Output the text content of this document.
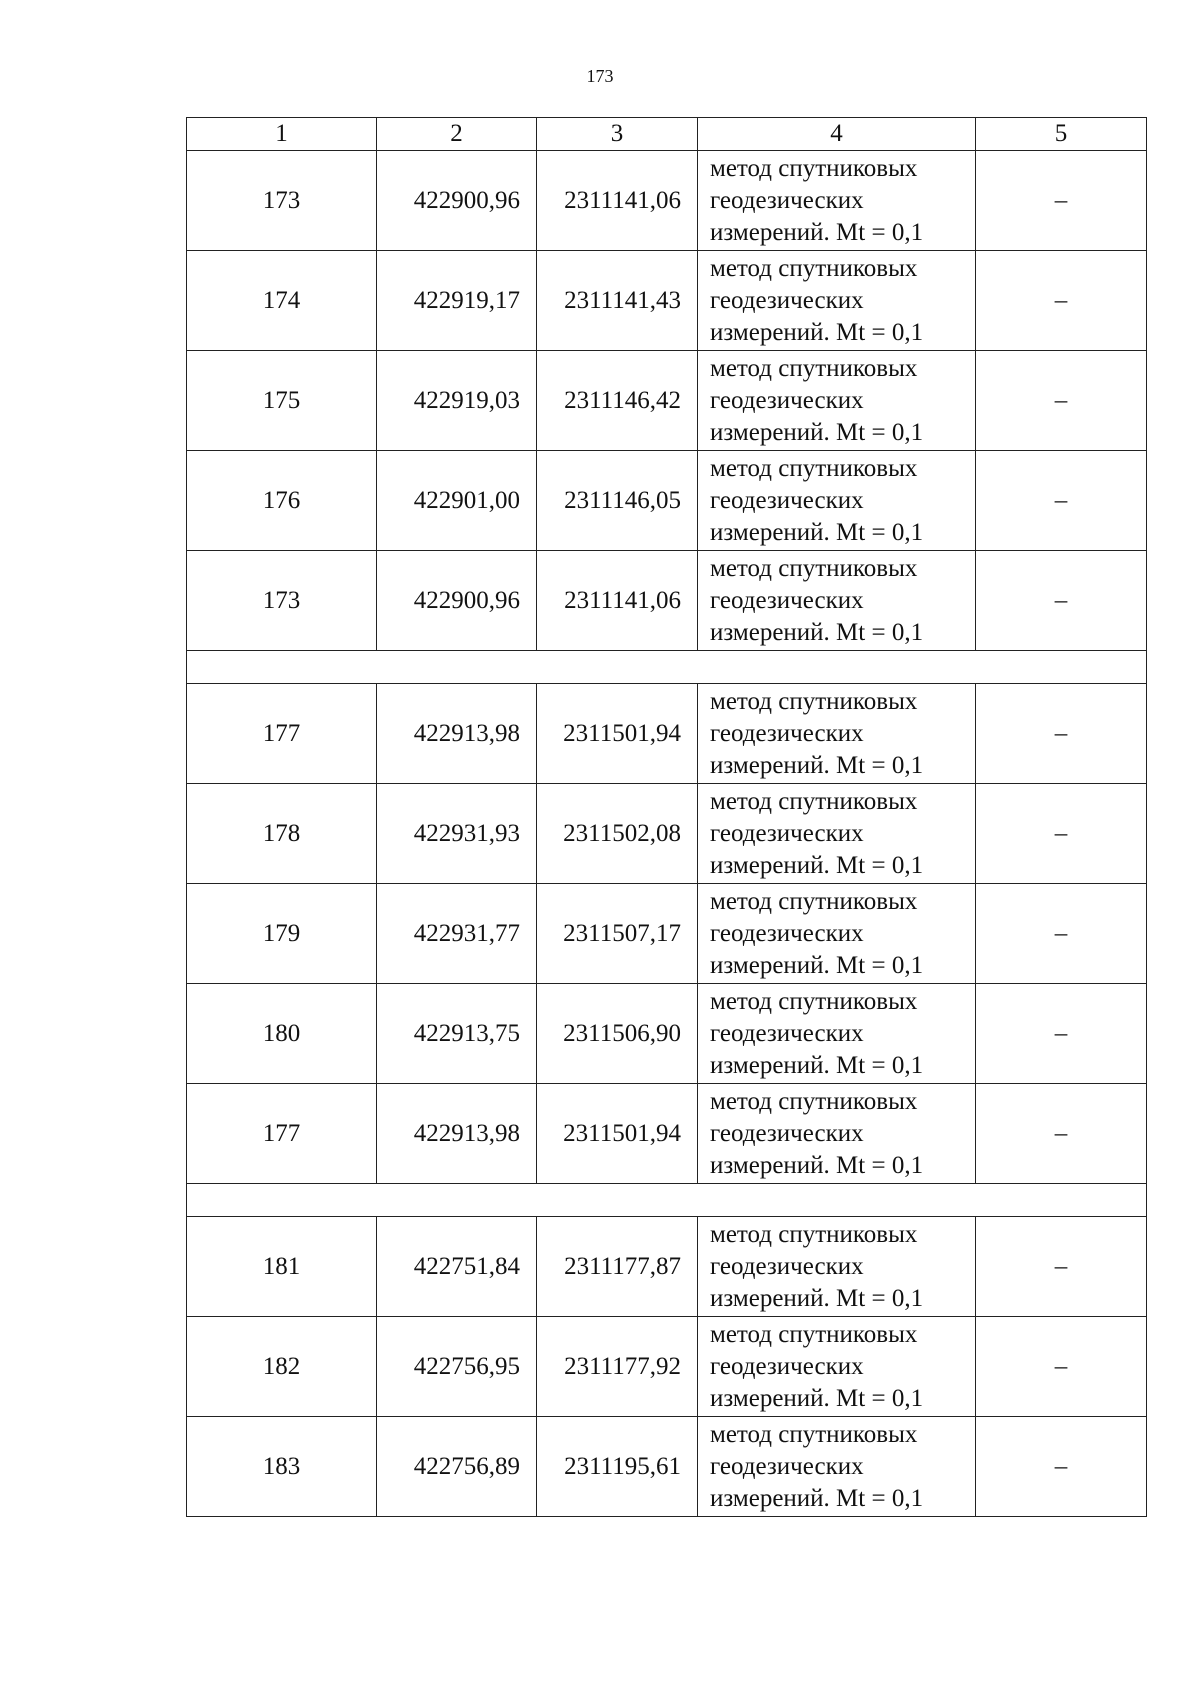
173
1	2	3	4	5
173	422900,96	2311141,06	метод спутниковых
геодезических
измерений. Mt = 0,1	–
174	422919,17	2311141,43	метод спутниковых
геодезических
измерений. Mt = 0,1	–
175	422919,03	2311146,42	метод спутниковых
геодезических
измерений. Mt = 0,1	–
176	422901,00	2311146,05	метод спутниковых
геодезических
измерений. Mt = 0,1	–
173	422900,96	2311141,06	метод спутниковых
геодезических
измерений. Mt = 0,1	–

177	422913,98	2311501,94	метод спутниковых
геодезических
измерений. Mt = 0,1	–
178	422931,93	2311502,08	метод спутниковых
геодезических
измерений. Mt = 0,1	–
179	422931,77	2311507,17	метод спутниковых
геодезических
измерений. Mt = 0,1	–
180	422913,75	2311506,90	метод спутниковых
геодезических
измерений. Mt = 0,1	–
177	422913,98	2311501,94	метод спутниковых
геодезических
измерений. Mt = 0,1	–

181	422751,84	2311177,87	метод спутниковых
геодезических
измерений. Mt = 0,1	–
182	422756,95	2311177,92	метод спутниковых
геодезических
измерений. Mt = 0,1	–
183	422756,89	2311195,61	метод спутниковых
геодезических
измерений. Mt = 0,1	–
